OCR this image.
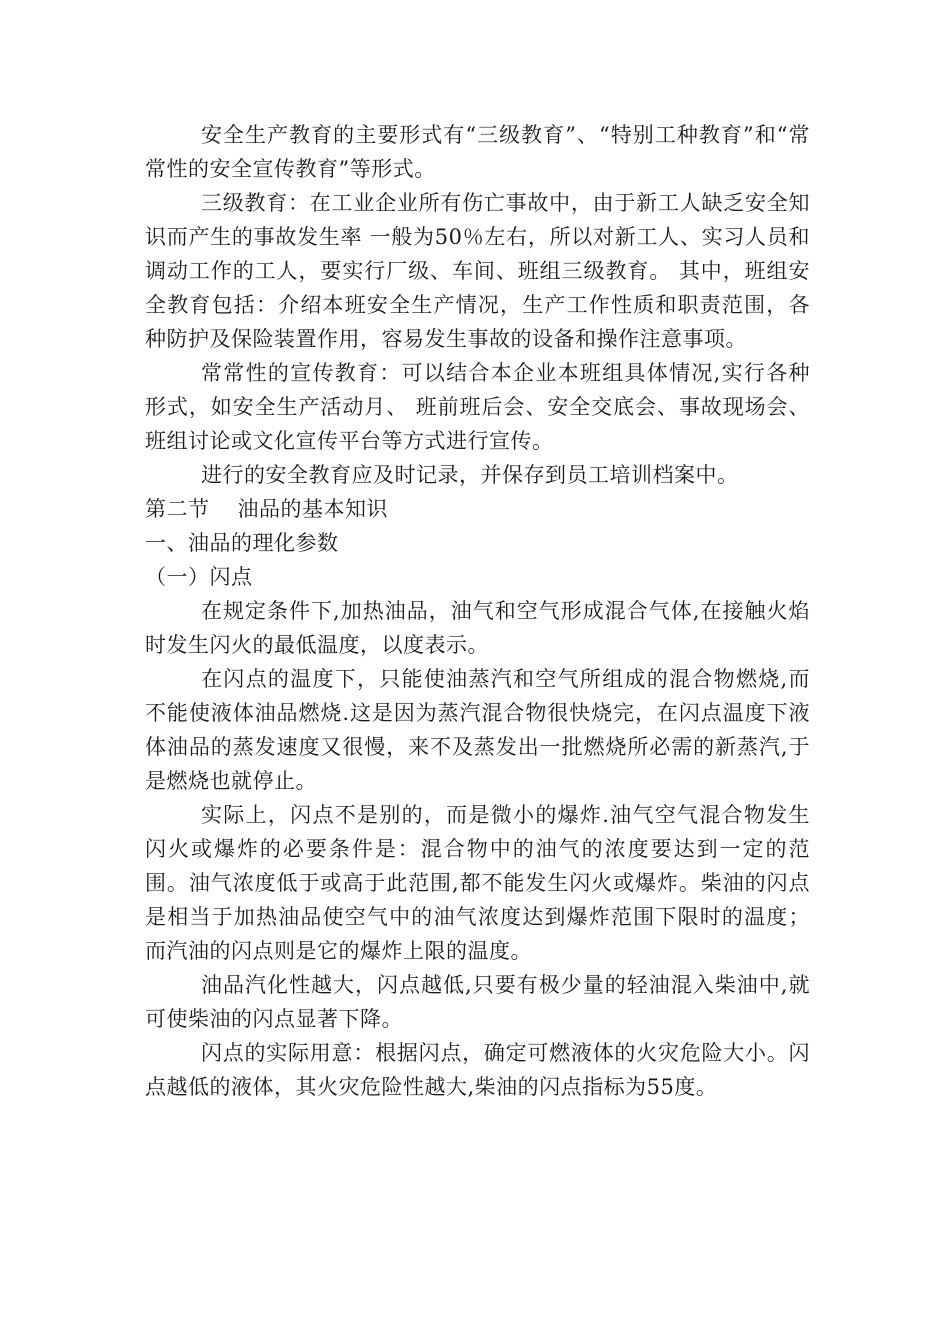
安全生产教育的主要形式有“三级教育”、“特别工种教育”和“常常性的安全宣传教育”等形式。

三级教育：在工业企业所有伤亡事故中，由于新工人缺乏安全知识而产生的事故发生率 一般为50％左右，所以对新工人、实习人员和调动工作的工人，要实行厂级、车间、班组三级教育。 其中，班组安全教育包括：介绍本班安全生产情况，生产工作性质和职责范围，各种防护及保险装置作用，容易发生事故的设备和操作注意事项。

常常性的宣传教育：可以结合本企业本班组具体情况,实行各种形式，如安全生产活动月、 班前班后会、安全交底会、事故现场会、班组讨论或文化宣传平台等方式进行宣传。

进行的安全教育应及时记录，并保存到员工培训档案中。

第二节 油品的基本知识

一、油品的理化参数

（一）闪点

在规定条件下,加热油品，油气和空气形成混合气体,在接触火焰时发生闪火的最低温度，以度表示。

在闪点的温度下，只能使油蒸汽和空气所组成的混合物燃烧,而不能使液体油品燃烧.这是因为蒸汽混合物很快烧完，在闪点温度下液体油品的蒸发速度又很慢，来不及蒸发出一批燃烧所必需的新蒸汽,于是燃烧也就停止。

实际上，闪点不是别的，而是微小的爆炸.油气空气混合物发生闪火或爆炸的必要条件是：混合物中的油气的浓度要达到一定的范围。油气浓度低于或高于此范围,都不能发生闪火或爆炸。柴油的闪点是相当于加热油品使空气中的油气浓度达到爆炸范围下限时的温度；而汽油的闪点则是它的爆炸上限的温度。

油品汽化性越大，闪点越低,只要有极少量的轻油混入柴油中,就可使柴油的闪点显著下降。

闪点的实际用意：根据闪点，确定可燃液体的火灾危险大小。闪点越低的液体，其火灾危险性越大,柴油的闪点指标为55度。
